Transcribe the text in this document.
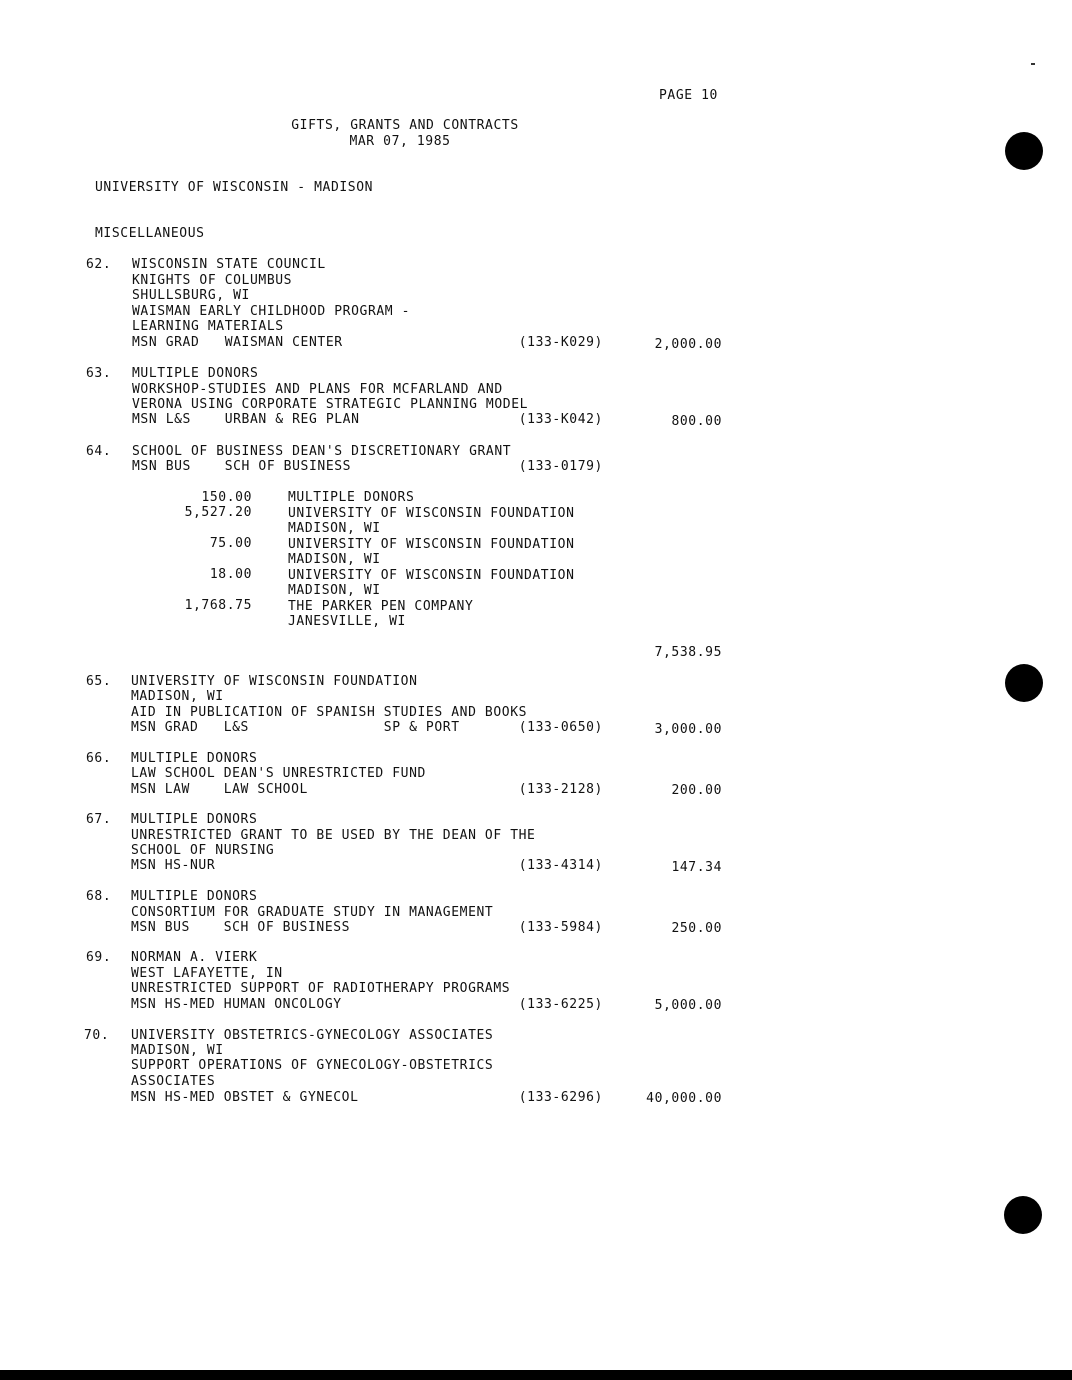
PAGE 10
GIFTS, GRANTS AND CONTRACTS
MAR 07, 1985
UNIVERSITY OF WISCONSIN - MADISON
MISCELLANEOUS
62. WISCONSIN STATE COUNCIL
KNIGHTS OF COLUMBUS
SHULLSBURG, WI
WAISMAN EARLY CHILDHOOD PROGRAM -
LEARNING MATERIALS
MSN GRAD   WAISMAN CENTER	(133-K029)	2,000.00
63. MULTIPLE DONORS
WORKSHOP-STUDIES AND PLANS FOR MCFARLAND AND
VERONA USING CORPORATE STRATEGIC PLANNING MODEL
MSN L&S    URBAN & REG PLAN	(133-K042)	800.00
64. SCHOOL OF BUSINESS DEAN'S DISCRETIONARY GRANT
MSN BUS    SCH OF BUSINESS	(133-0179)
150.00	MULTIPLE DONORS
5,527.20	UNIVERSITY OF WISCONSIN FOUNDATION
MADISON, WI
75.00	UNIVERSITY OF WISCONSIN FOUNDATION
MADISON, WI
18.00	UNIVERSITY OF WISCONSIN FOUNDATION
MADISON, WI
1,768.75	THE PARKER PEN COMPANY
JANESVILLE, WI
7,538.95
65. UNIVERSITY OF WISCONSIN FOUNDATION
MADISON, WI
AID IN PUBLICATION OF SPANISH STUDIES AND BOOKS
MSN GRAD   L&S                SP & PORT	(133-0650)	3,000.00
66. MULTIPLE DONORS
LAW SCHOOL DEAN'S UNRESTRICTED FUND
MSN LAW    LAW SCHOOL	(133-2128)	200.00
67. MULTIPLE DONORS
UNRESTRICTED GRANT TO BE USED BY THE DEAN OF THE
SCHOOL OF NURSING
MSN HS-NUR	(133-4314)	147.34
68. MULTIPLE DONORS
CONSORTIUM FOR GRADUATE STUDY IN MANAGEMENT
MSN BUS    SCH OF BUSINESS	(133-5984)	250.00
69. NORMAN A. VIERK
WEST LAFAYETTE, IN
UNRESTRICTED SUPPORT OF RADIOTHERAPY PROGRAMS
MSN HS-MED HUMAN ONCOLOGY	(133-6225)	5,000.00
70. UNIVERSITY OBSTETRICS-GYNECOLOGY ASSOCIATES
MADISON, WI
SUPPORT OPERATIONS OF GYNECOLOGY-OBSTETRICS
ASSOCIATES
MSN HS-MED OBSTET & GYNECOL	(133-6296)	40,000.00
